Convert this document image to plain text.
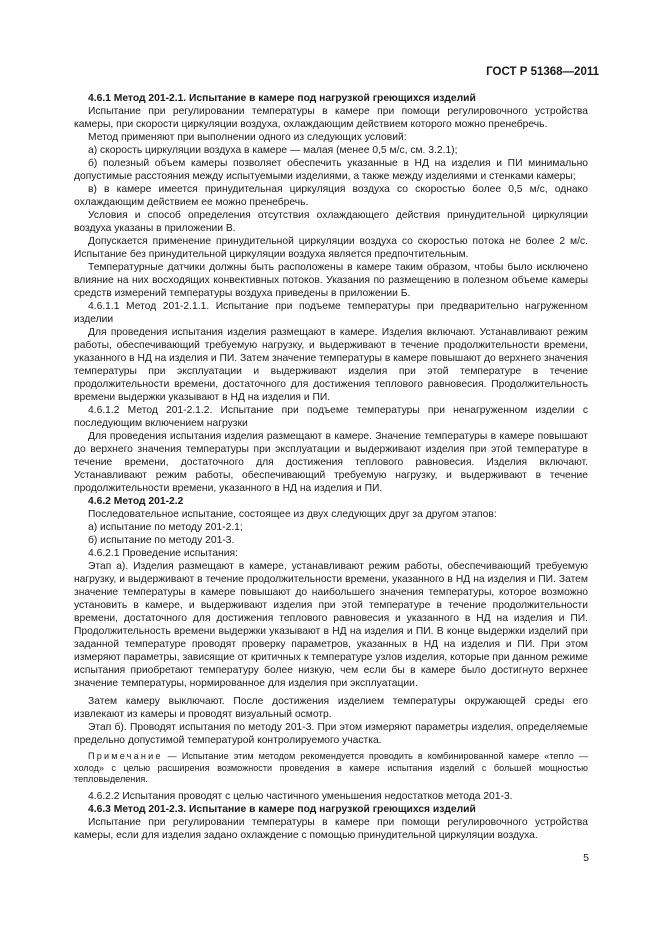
ГОСТ Р 51368—2011

4.6.1 Метод 201-2.1. Испытание в камере под нагрузкой греющихся изделий

Испытание при регулировании температуры в камере при помощи регулировочного устройства камеры, при скорости циркуляции воздуха, охлаждающим действием которого можно пренебречь.

Метод применяют при выполнении одного из следующих условий:

а) скорость циркуляции воздуха в камере — малая (менее 0,5 м/с, см. 3.2.1);

б) полезный объем камеры позволяет обеспечить указанные в НД на изделия и ПИ минимально допустимые расстояния между испытуемыми изделиями, а также между изделиями и стенками камеры;

в) в камере имеется принудительная циркуляция воздуха со скоростью более 0,5 м/с, однако охлаждающим действием ее можно пренебречь.

Условия и способ определения отсутствия охлаждающего действия принудительной циркуляции воздуха указаны в приложении В.

Допускается применение принудительной циркуляции воздуха со скоростью потока не более 2 м/с. Испытание без принудительной циркуляции воздуха является предпочтительным.

Температурные датчики должны быть расположены в камере таким образом, чтобы было исключено влияние на них восходящих конвективных потоков. Указания по размещению в полезном объеме камеры средств измерений температуры воздуха приведены в приложении Б.

4.6.1.1 Метод 201-2.1.1. Испытание при подъеме температуры при предварительно нагруженном изделии

Для проведения испытания изделия размещают в камере. Изделия включают. Устанавливают режим работы, обеспечивающий требуемую нагрузку, и выдерживают в течение продолжительности времени, указанного в НД на изделия и ПИ. Затем значение температуры в камере повышают до верхнего значения температуры при эксплуатации и выдерживают изделия при этой температуре в течение продолжительности времени, достаточного для достижения теплового равновесия. Продолжительность времени выдержки указывают в НД на изделия и ПИ.

4.6.1.2 Метод 201-2.1.2. Испытание при подъеме температуры при ненагруженном изделии с последующим включением нагрузки

Для проведения испытания изделия размещают в камере. Значение температуры в камере повышают до верхнего значения температуры при эксплуатации и выдерживают изделия при этой температуре в течение времени, достаточного для достижения теплового равновесия. Изделия включают. Устанавливают режим работы, обеспечивающий требуемую нагрузку, и выдерживают в течение продолжительности времени, указанного в НД на изделия и ПИ.

4.6.2 Метод 201-2.2

Последовательное испытание, состоящее из двух следующих друг за другом этапов:

а) испытание по методу 201-2.1;

б) испытание по методу 201-3.

4.6.2.1 Проведение испытания:

Этап а). Изделия размещают в камере, устанавливают режим работы, обеспечивающий требуемую нагрузку, и выдерживают в течение продолжительности времени, указанного в НД на изделия и ПИ. Затем значение температуры в камере повышают до наибольшего значения температуры, которое возможно установить в камере, и выдерживают изделия при этой температуре в течение продолжительности времени, достаточного для достижения теплового равновесия и указанного в НД на изделия и ПИ. Продолжительность времени выдержки указывают в НД на изделия и ПИ. В конце выдержки изделий при заданной температуре проводят проверку параметров, указанных в НД на изделия и ПИ. При этом измеряют параметры, зависящие от критичных к температуре узлов изделия, которые при данном режиме испытания приобретают температуру более низкую, чем если бы в камере было достигнуто верхнее значение температуры, нормированное для изделия при эксплуатации.

Затем камеру выключают. После достижения изделием температуры окружающей среды его извлекают из камеры и проводят визуальный осмотр.

Этап б). Проводят испытания по методу 201-3. При этом измеряют параметры изделия, определяемые предельно допустимой температурой контролируемого участка.

Примечание — Испытание этим методом рекомендуется проводить в комбинированной камере «тепло — холод» с целью расширения возможности проведения в камере испытания изделий с большей мощностью тепловыделения.

4.6.2.2 Испытания проводят с целью частичного уменьшения недостатков метода 201-3.

4.6.3 Метод 201-2.3. Испытание в камере под нагрузкой греющихся изделий

Испытание при регулировании температуры в камере при помощи регулировочного устройства камеры, если для изделия задано охлаждение с помощью принудительной циркуляции воздуха.

5
